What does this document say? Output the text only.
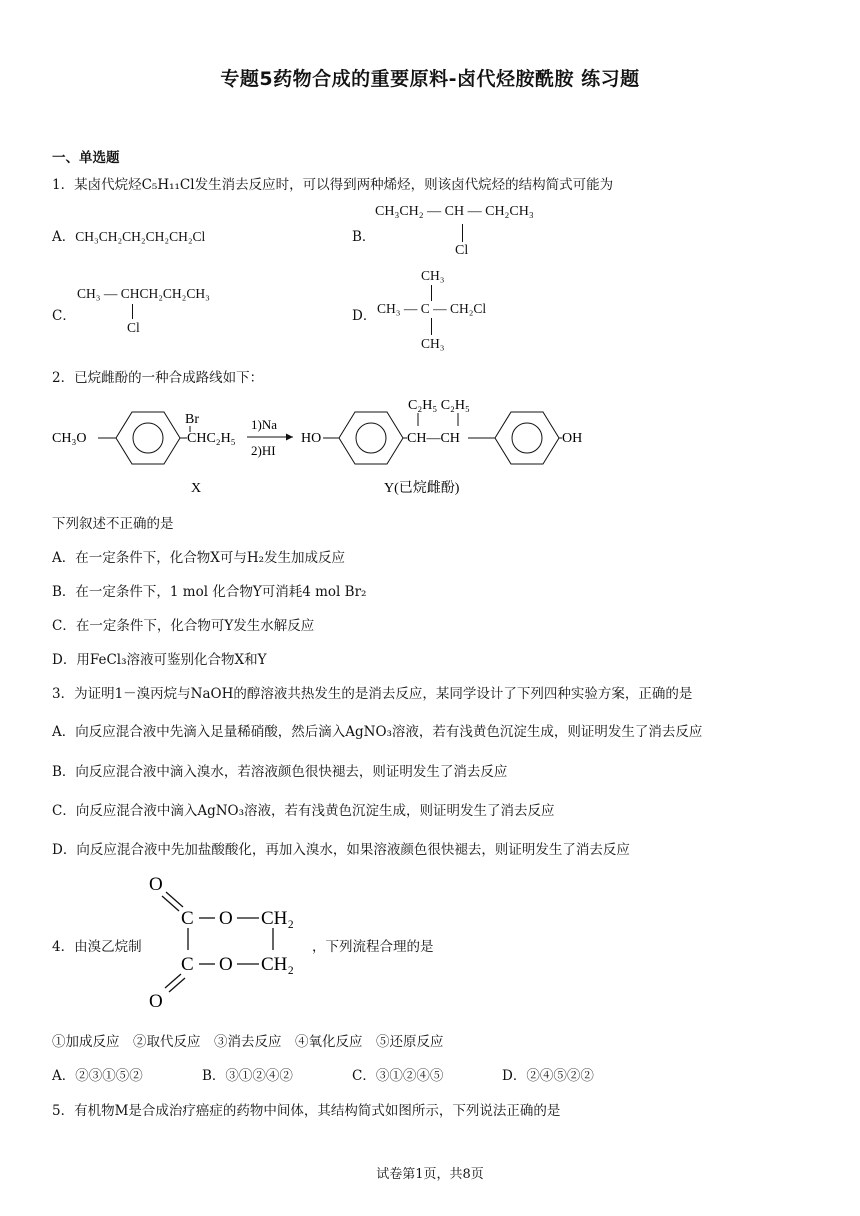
专题5药物合成的重要原料-卤代烃胺酰胺 练习题
一、单选题
1．某卤代烷烃C₅H₁₁Cl发生消去反应时，可以得到两种烯烃，则该卤代烷烃的结构简式可能为
A．CH₃CH₂CH₂CH₂CH₂Cl	B．
CH₃CH₂ — CH — CH₂CH₃
Cl
C．
CH₃ — CHCH₂CH₂CH₃
Cl
D．
CH₃
CH₃ — C — CH₂Cl
CH₃
2．已烷雌酚的一种合成路线如下：
CH₃O
Br
CHC₂H₅
1)Na
2)HI
HO
C₂H₅ C₂H₅
CH—CH	OH
X	Y(已烷雌酚)
下列叙述不正确的是
A．在一定条件下，化合物X可与H₂发生加成反应
B．在一定条件下，1 mol 化合物Y可消耗4 mol Br₂
C．在一定条件下，化合物可Y发生水解反应
D．用FeCl₃溶液可鉴别化合物X和Y
3．为证明1－溴丙烷与NaOH的醇溶液共热发生的是消去反应，某同学设计了下列四种实验方案，正确的是
A．向反应混合液中先滴入足量稀硝酸，然后滴入AgNO₃溶液，若有浅黄色沉淀生成，则证明发生了消去反应
B．向反应混合液中滴入溴水，若溶液颜色很快褪去，则证明发生了消去反应
C．向反应混合液中滴入AgNO₃溶液，若有浅黄色沉淀生成，则证明发生了消去反应
D．向反应混合液中先加盐酸酸化，再加入溴水，如果溶液颜色很快褪去，则证明发生了消去反应
4．由溴乙烷制
O
C O CH₂
C O CH₂
O
，下列流程合理的是
①加成反应　②取代反应　③消去反应　④氧化反应　⑤还原反应
A．②③①⑤②	B．③①②④②	C．③①②④⑤	D．②④⑤②②
5．有机物M是合成治疗癌症的药物中间体，其结构简式如图所示，下列说法正确的是
试卷第1页，共8页
